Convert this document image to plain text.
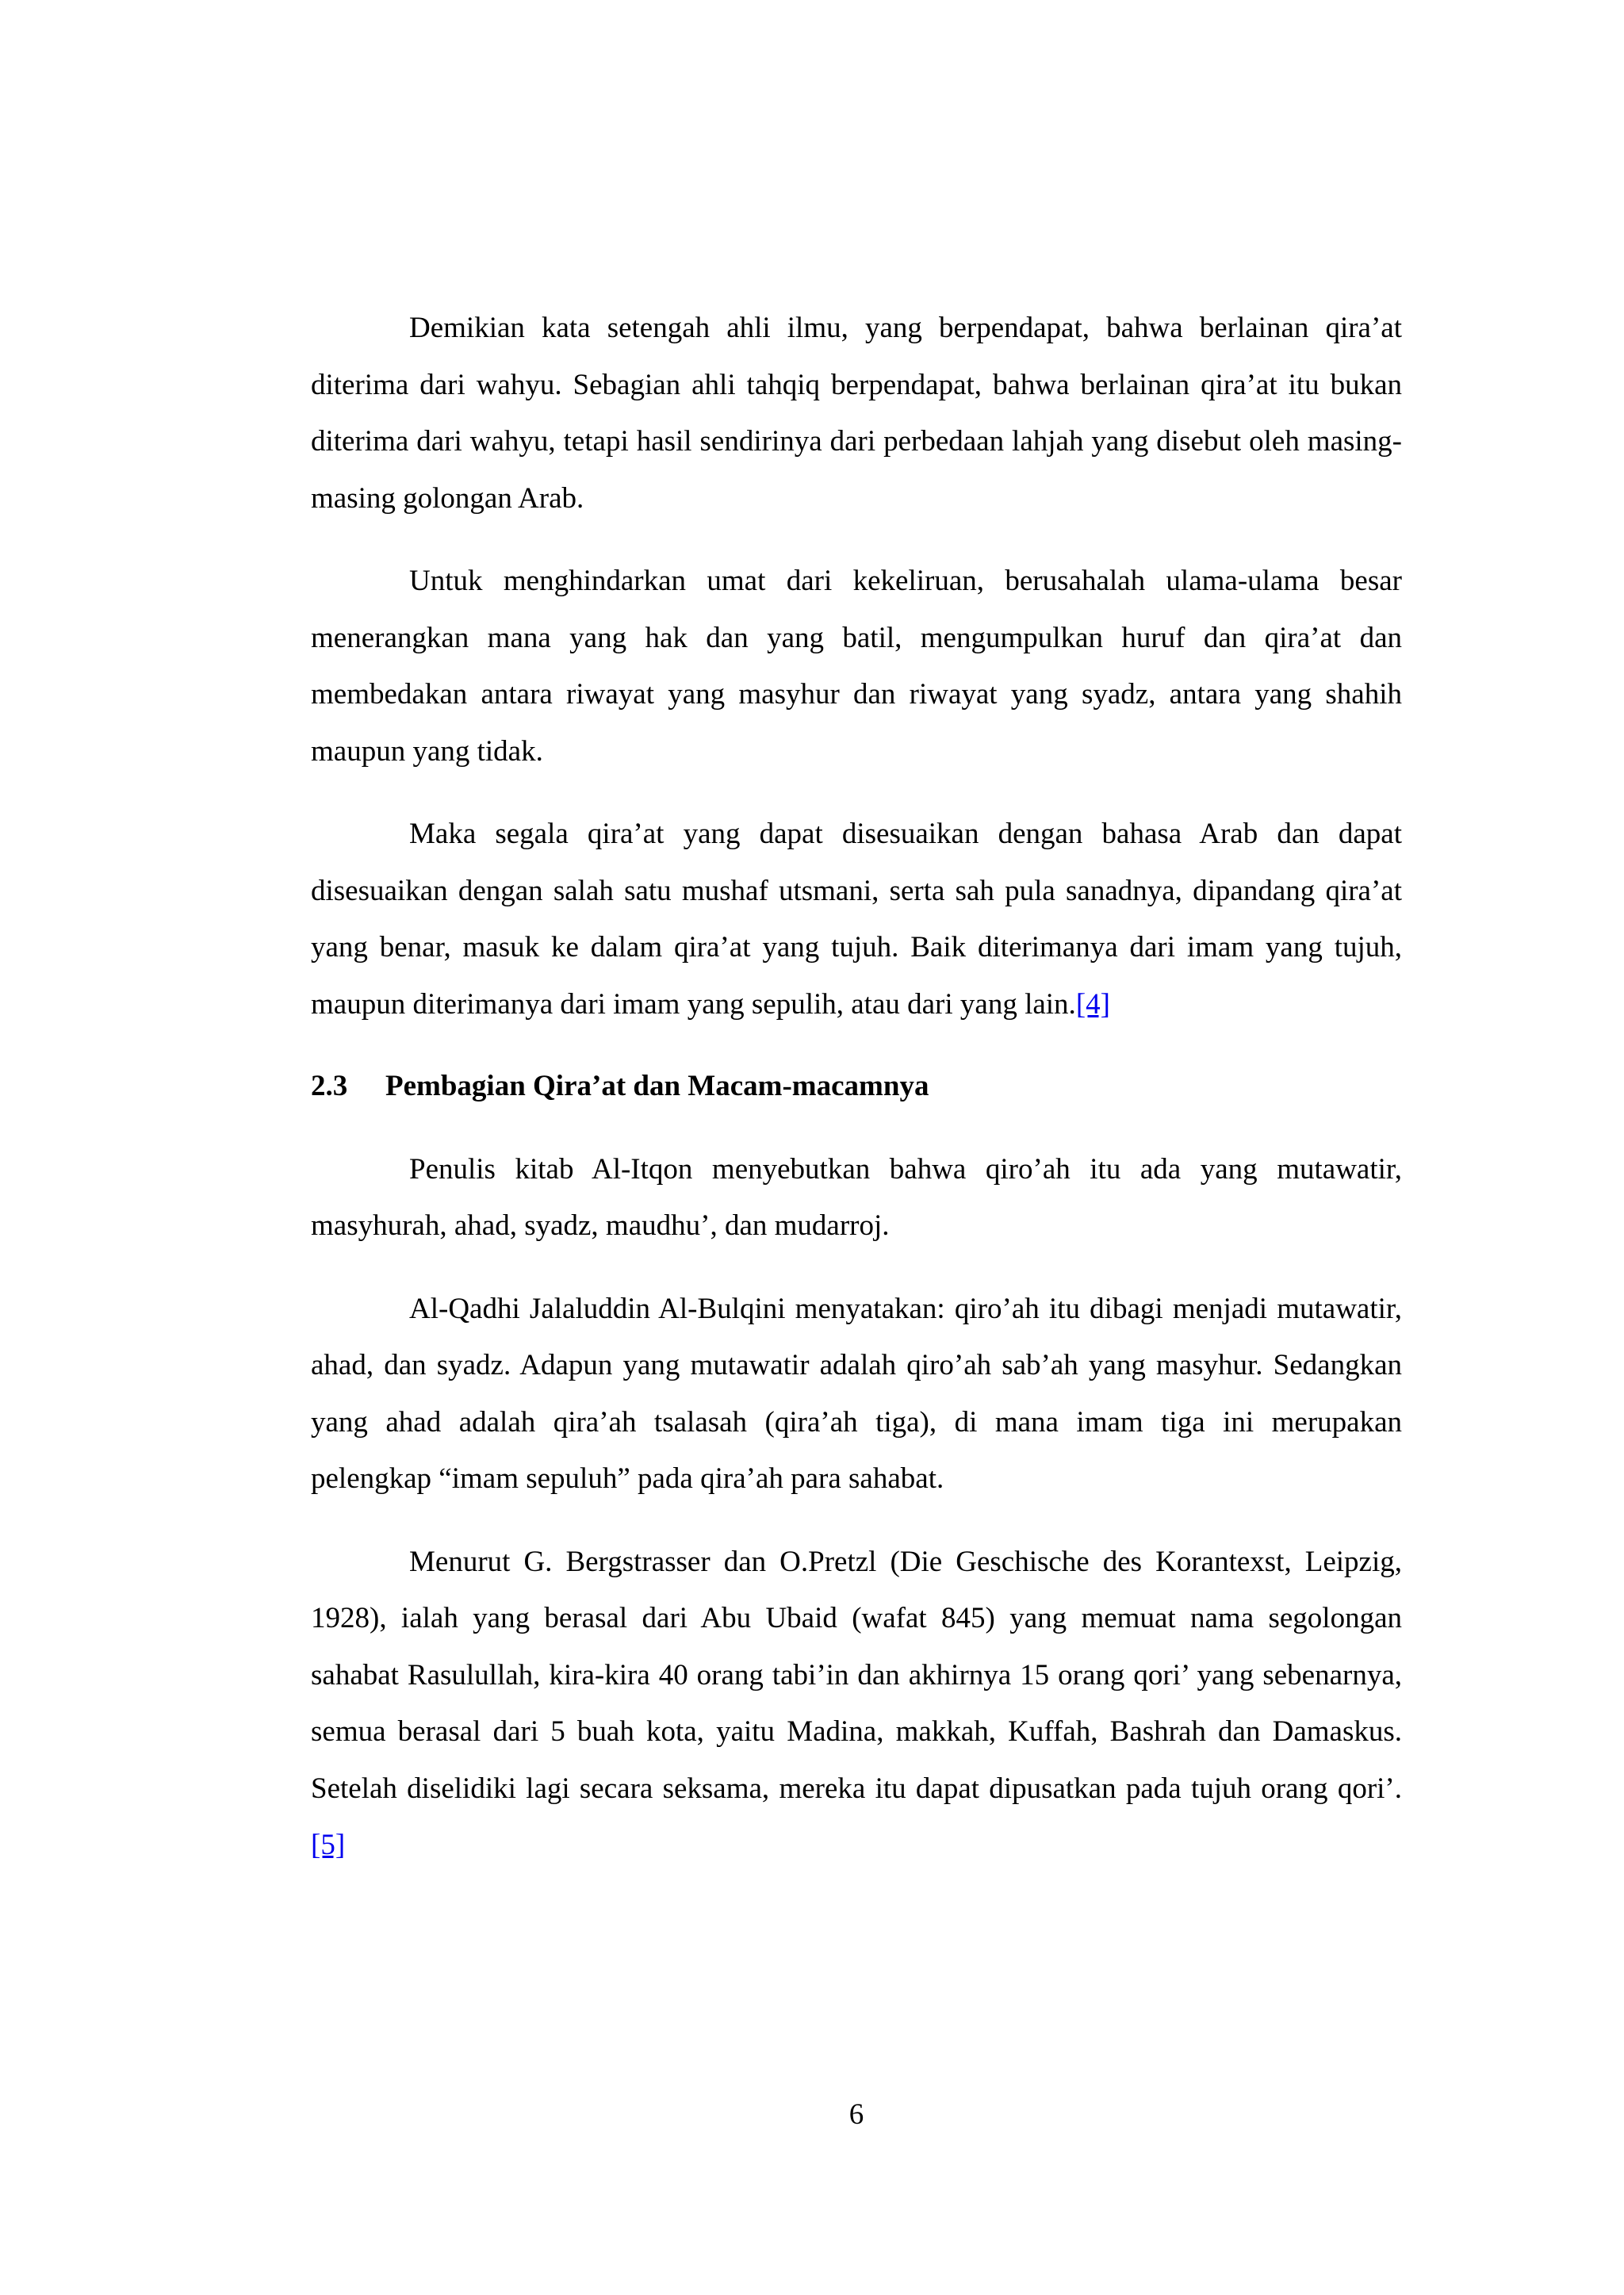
Demikian kata setengah ahli ilmu, yang berpendapat, bahwa berlainan qira’at diterima dari wahyu. Sebagian ahli tahqiq berpendapat, bahwa berlainan qira’at itu bukan diterima dari wahyu, tetapi hasil sendirinya dari perbedaan lahjah yang disebut oleh masing-masing golongan Arab.

Untuk menghindarkan umat dari kekeliruan, berusahalah ulama-ulama besar menerangkan mana yang hak dan yang batil, mengumpulkan huruf dan qira’at dan membedakan antara riwayat yang masyhur dan riwayat yang syadz, antara yang shahih maupun yang tidak.

Maka segala qira’at yang dapat disesuaikan dengan bahasa Arab dan dapat disesuaikan dengan salah satu mushaf utsmani, serta sah pula sanadnya, dipandang qira’at yang benar, masuk ke dalam qira’at yang tujuh. Baik diterimanya dari imam yang tujuh, maupun diterimanya dari imam yang sepulih, atau dari yang lain.[4]

2.3 Pembagian Qira’at dan Macam-macamnya

Penulis kitab Al-Itqon menyebutkan bahwa qiro’ah itu ada yang mutawatir, masyhurah, ahad, syadz, maudhu’, dan mudarroj.

Al-Qadhi Jalaluddin Al-Bulqini menyatakan: qiro’ah itu dibagi menjadi mutawatir, ahad, dan syadz. Adapun yang mutawatir adalah qiro’ah sab’ah yang masyhur. Sedangkan yang ahad adalah qira’ah tsalasah (qira’ah tiga), di mana imam tiga ini merupakan pelengkap “imam sepuluh” pada qira’ah para sahabat.

Menurut G. Bergstrasser dan O.Pretzl (Die Geschische des Korantexst, Leipzig, 1928), ialah yang berasal dari Abu Ubaid (wafat 845) yang memuat nama segolongan sahabat Rasulullah, kira-kira 40 orang tabi’in dan akhirnya 15 orang qori’ yang sebenarnya, semua berasal dari 5 buah kota, yaitu Madina, makkah, Kuffah, Bashrah dan Damaskus. Setelah diselidiki lagi secara seksama, mereka itu dapat dipusatkan pada tujuh orang qori’.[5]

6
